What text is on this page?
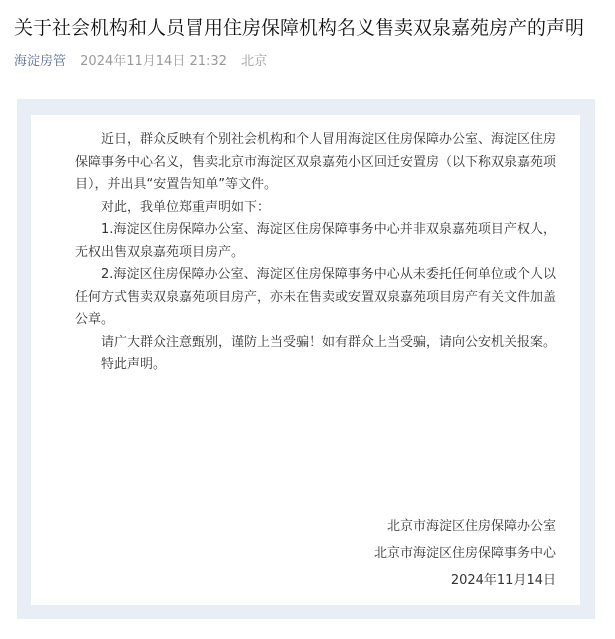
关于社会机构和人员冒用住房保障机构名义售卖双泉嘉苑房产的声明
海淀房管 2024年11月14日 21:32 北京

近日，群众反映有个别社会机构和个人冒用海淀区住房保障办公室、海淀区住房保障事务中心名义，售卖北京市海淀区双泉嘉苑小区回迁安置房（以下称双泉嘉苑项目），并出具“安置告知单”等文件。

对此，我单位郑重声明如下：

1.海淀区住房保障办公室、海淀区住房保障事务中心并非双泉嘉苑项目产权人，无权出售双泉嘉苑项目房产。

2.海淀区住房保障办公室、海淀区住房保障事务中心从未委托任何单位或个人以任何方式售卖双泉嘉苑项目房产，亦未在售卖或安置双泉嘉苑项目房产有关文件加盖公章。

请广大群众注意甄别，谨防上当受骗！如有群众上当受骗，请向公安机关报案。

特此声明。

北京市海淀区住房保障办公室
北京市海淀区住房保障事务中心
2024年11月14日
